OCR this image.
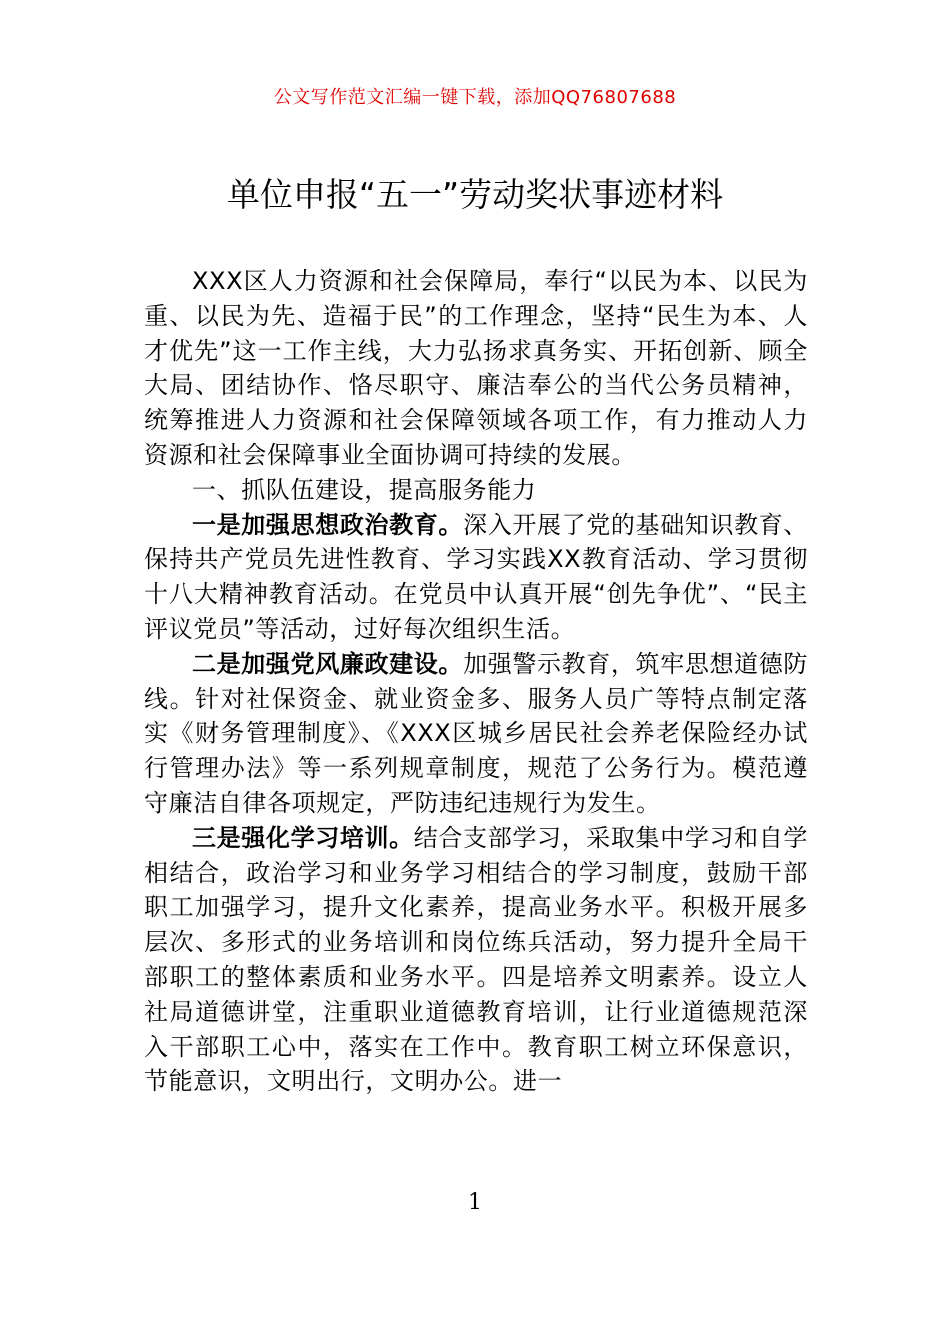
公文写作范文汇编一键下载，添加QQ76807688
单位申报“五一”劳动奖状事迹材料

XXX区人力资源和社会保障局，奉行“以民为本、以民为重、以民为先、造福于民”的工作理念，坚持“民生为本、人才优先”这一工作主线，大力弘扬求真务实、开拓创新、顾全大局、团结协作、恪尽职守、廉洁奉公的当代公务员精神，统筹推进人力资源和社会保障领域各项工作，有力推动人力资源和社会保障事业全面协调可持续的发展。

一、抓队伍建设，提高服务能力

一是加强思想政治教育。深入开展了党的基础知识教育、保持共产党员先进性教育、学习实践XX教育活动、学习贯彻十八大精神教育活动。在党员中认真开展“创先争优”、“民主评议党员”等活动，过好每次组织生活。

二是加强党风廉政建设。加强警示教育，筑牢思想道德防线。针对社保资金、就业资金多、服务人员广等特点制定落实《财务管理制度》、《XXX区城乡居民社会养老保险经办试行管理办法》等一系列规章制度，规范了公务行为。模范遵守廉洁自律各项规定，严防违纪违规行为发生。

三是强化学习培训。结合支部学习，采取集中学习和自学相结合，政治学习和业务学习相结合的学习制度，鼓励干部职工加强学习，提升文化素养，提高业务水平。积极开展多层次、多形式的业务培训和岗位练兵活动，努力提升全局干部职工的整体素质和业务水平。四是培养文明素养。设立人社局道德讲堂，注重职业道德教育培训，让行业道德规范深入干部职工心中，落实在工作中。教育职工树立环保意识，节能意识，文明出行，文明办公。进一

1
